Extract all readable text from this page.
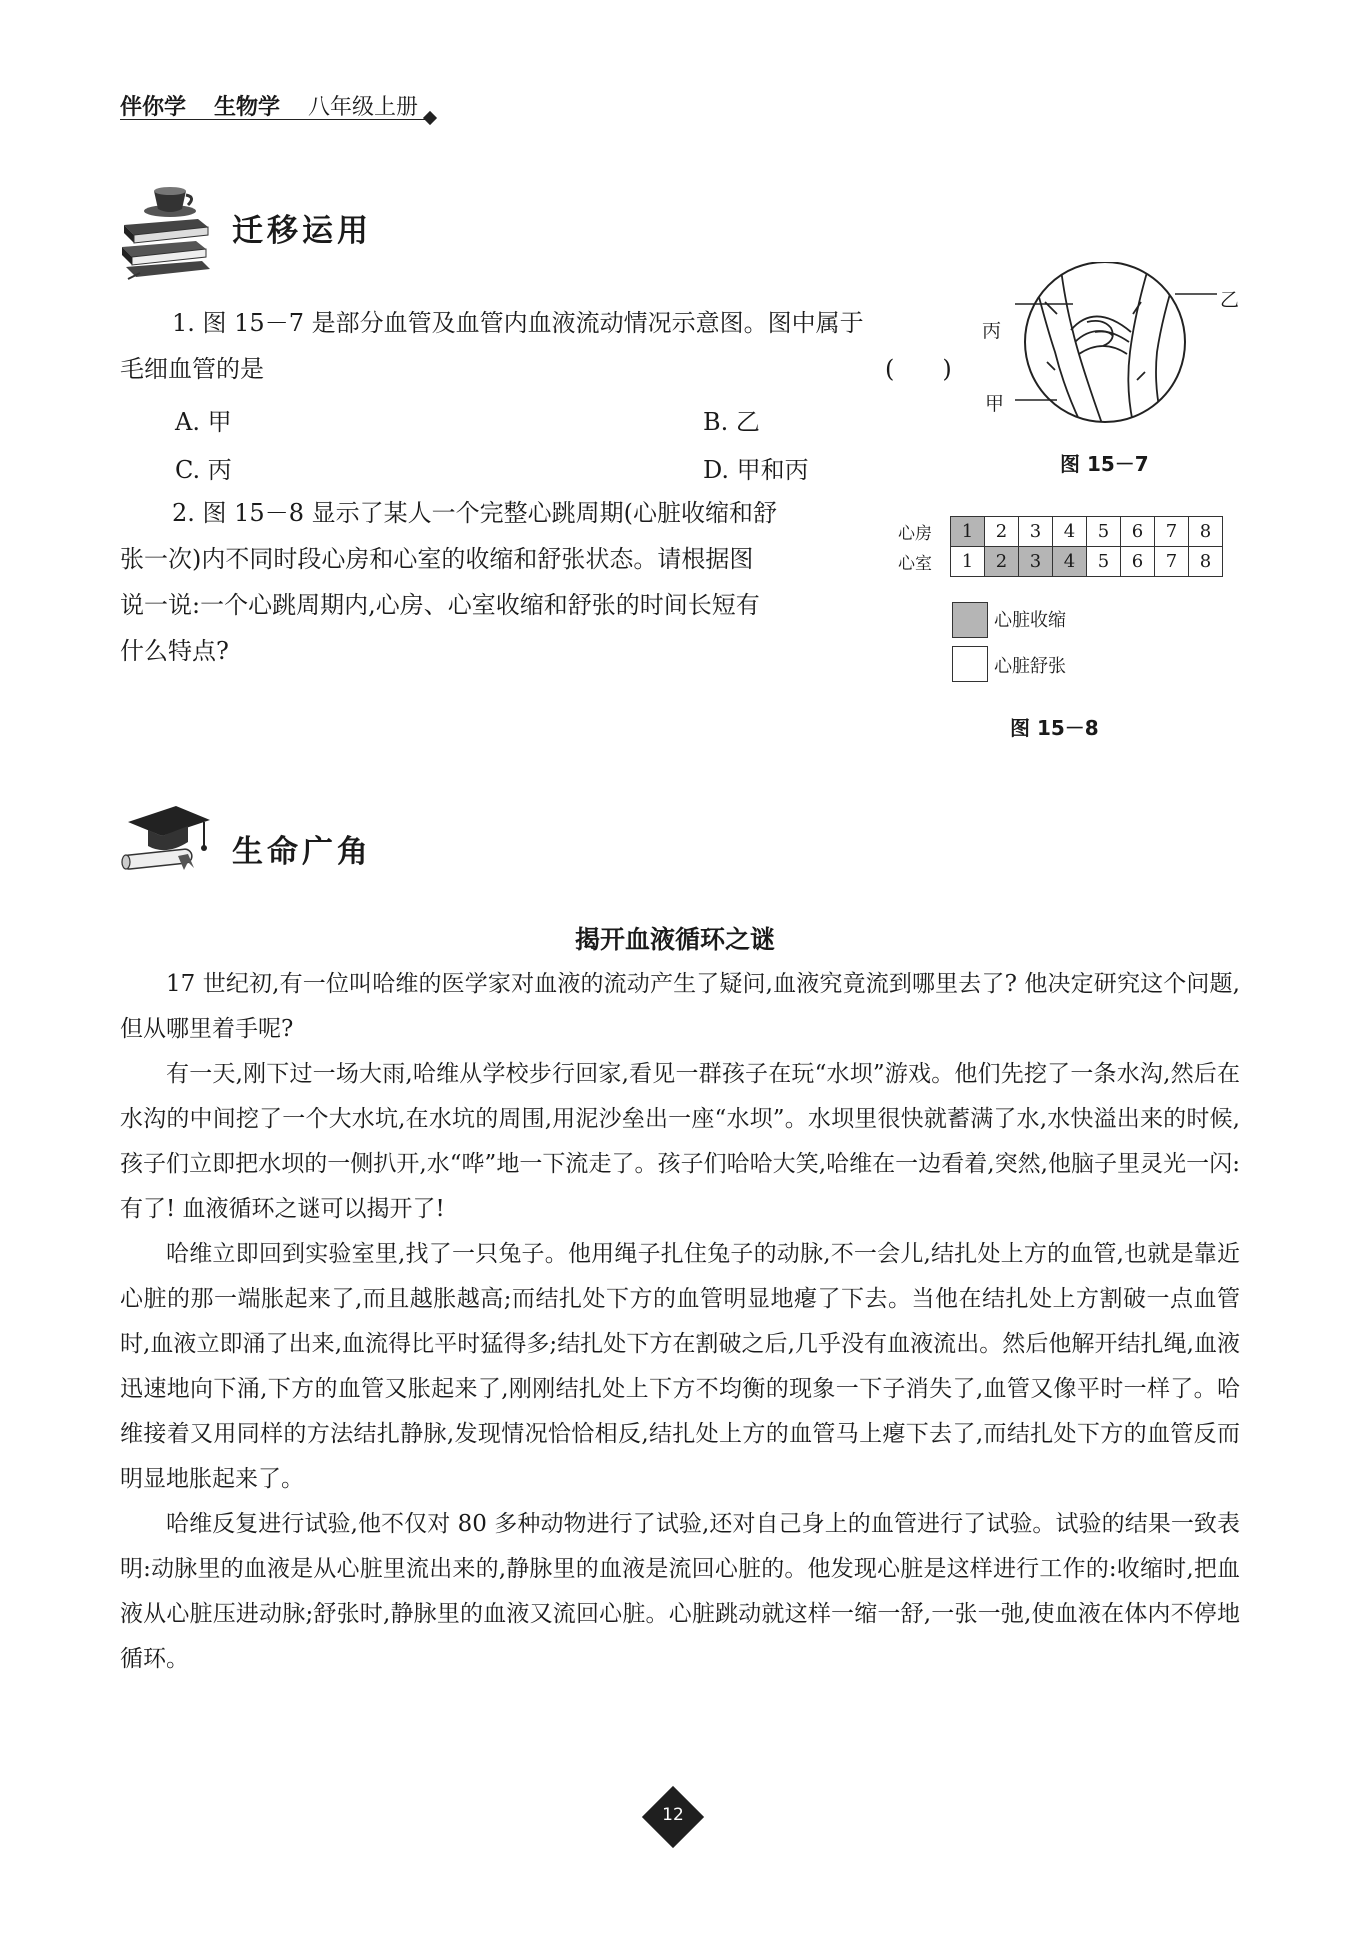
伴你学 生物学 八年级上册
迁移运用
1. 图 15－7 是部分血管及血管内血液流动情况示意图。图中属于
毛细血管的是	(　　)
A. 甲	B. 乙
C. 丙	D. 甲和丙
丙
乙
甲
图 15－7
2. 图 15－8 显示了某人一个完整心跳周期(心脏收缩和舒
张一次)内不同时段心房和心室的收缩和舒张状态。请根据图
说一说:一个心跳周期内,心房、心室收缩和舒张的时间长短有
什么特点?
心房	1	2	3	4	5	6	7	8
心室	1	2	3	4	5	6	7	8
心脏收缩
心脏舒张
图 15－8
生命广角
揭开血液循环之谜

17 世纪初,有一位叫哈维的医学家对血液的流动产生了疑问,血液究竟流到哪里去了? 他决定研究这个问题,但从哪里着手呢?

有一天,刚下过一场大雨,哈维从学校步行回家,看见一群孩子在玩“水坝”游戏。他们先挖了一条水沟,然后在水沟的中间挖了一个大水坑,在水坑的周围,用泥沙垒出一座“水坝”。水坝里很快就蓄满了水,水快溢出来的时候,孩子们立即把水坝的一侧扒开,水“哗”地一下流走了。孩子们哈哈大笑,哈维在一边看着,突然,他脑子里灵光一闪:有了! 血液循环之谜可以揭开了!

哈维立即回到实验室里,找了一只兔子。他用绳子扎住兔子的动脉,不一会儿,结扎处上方的血管,也就是靠近心脏的那一端胀起来了,而且越胀越高;而结扎处下方的血管明显地瘪了下去。当他在结扎处上方割破一点血管时,血液立即涌了出来,血流得比平时猛得多;结扎处下方在割破之后,几乎没有血液流出。然后他解开结扎绳,血液迅速地向下涌,下方的血管又胀起来了,刚刚结扎处上下方不均衡的现象一下子消失了,血管又像平时一样了。哈维接着又用同样的方法结扎静脉,发现情况恰恰相反,结扎处上方的血管马上瘪下去了,而结扎处下方的血管反而明显地胀起来了。

哈维反复进行试验,他不仅对 80 多种动物进行了试验,还对自己身上的血管进行了试验。试验的结果一致表明:动脉里的血液是从心脏里流出来的,静脉里的血液是流回心脏的。他发现心脏是这样进行工作的:收缩时,把血液从心脏压进动脉;舒张时,静脉里的血液又流回心脏。心脏跳动就这样一缩一舒,一张一弛,使血液在体内不停地循环。

12
